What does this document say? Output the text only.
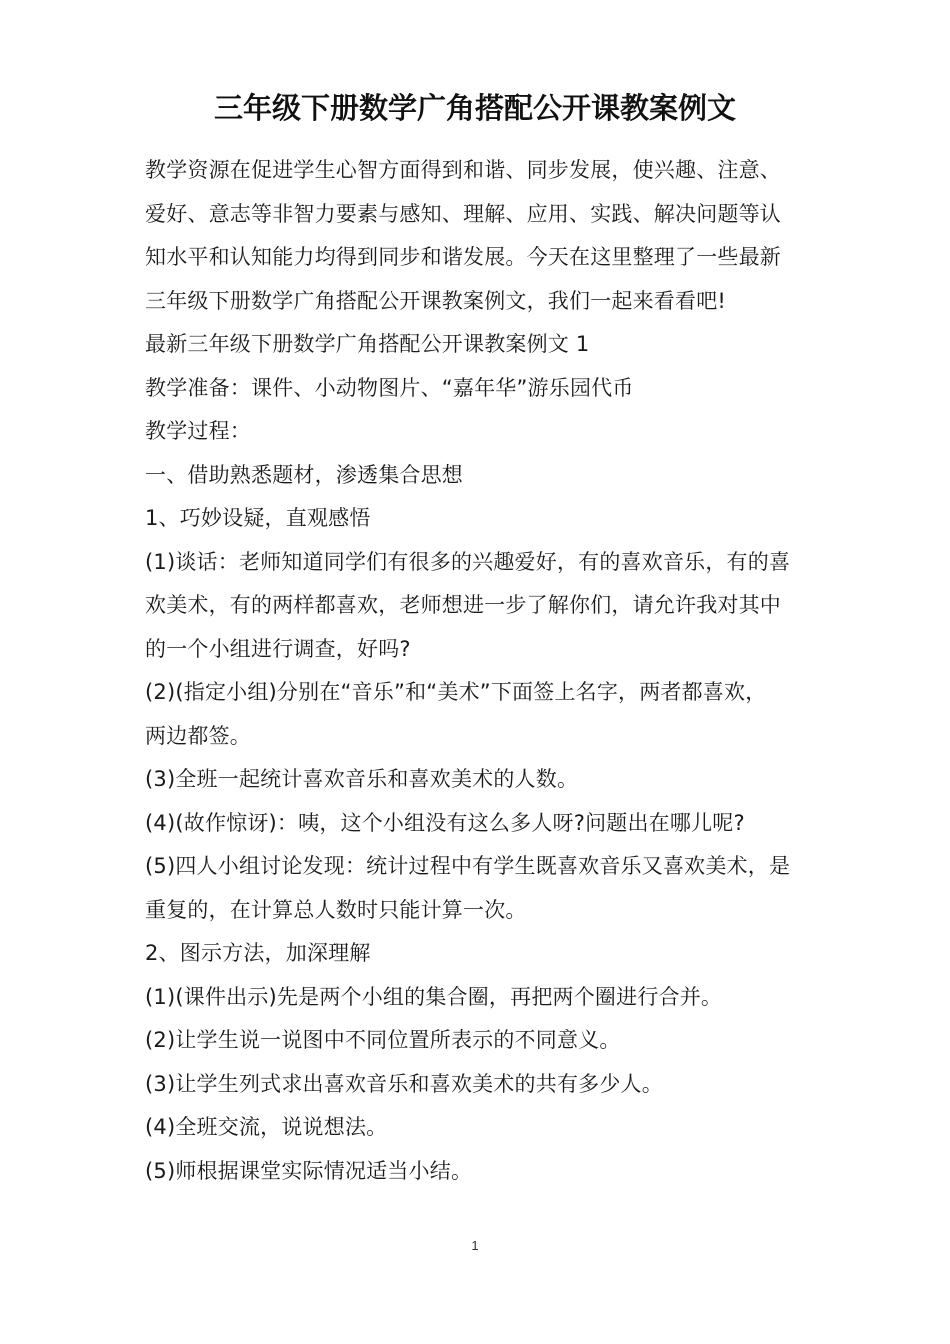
三年级下册数学广角搭配公开课教案例文

教学资源在促进学生心智方面得到和谐、同步发展，使兴趣、注意、
爱好、意志等非智力要素与感知、理解、应用、实践、解决问题等认
知水平和认知能力均得到同步和谐发展。今天在这里整理了一些最新
三年级下册数学广角搭配公开课教案例文，我们一起来看看吧!

最新三年级下册数学广角搭配公开课教案例文 1

教学准备：课件、小动物图片、“嘉年华”游乐园代币

教学过程：

一、借助熟悉题材，渗透集合思想

1、巧妙设疑，直观感悟

(1)谈话：老师知道同学们有很多的兴趣爱好，有的喜欢音乐，有的喜
欢美术，有的两样都喜欢，老师想进一步了解你们，请允许我对其中
的一个小组进行调查，好吗?

(2)(指定小组)分别在“音乐”和“美术”下面签上名字，两者都喜欢，
两边都签。

(3)全班一起统计喜欢音乐和喜欢美术的人数。

(4)(故作惊讶)：咦，这个小组没有这么多人呀?问题出在哪儿呢?

(5)四人小组讨论发现：统计过程中有学生既喜欢音乐又喜欢美术，是
重复的，在计算总人数时只能计算一次。

2、图示方法，加深理解

(1)(课件出示)先是两个小组的集合圈，再把两个圈进行合并。

(2)让学生说一说图中不同位置所表示的不同意义。

(3)让学生列式求出喜欢音乐和喜欢美术的共有多少人。

(4)全班交流，说说想法。

(5)师根据课堂实际情况适当小结。

1
